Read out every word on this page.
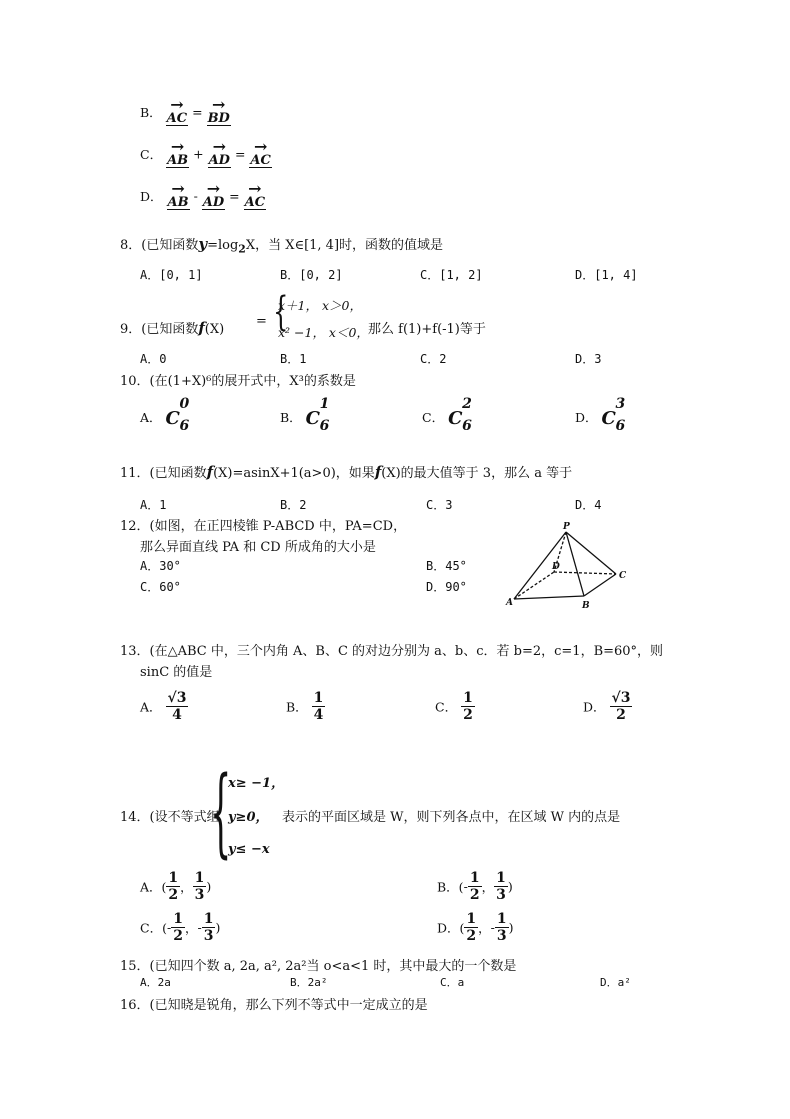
B． →
AC = →
BD
C． →
AB + →
AD = →
AC
D． →
AB - →
AD = →
AC
8．(已知函数$y=\log_2X$，当 X∈[1, 4]时，函数的值域是
A．[0, 1]	B．[0, 2]	C．[1, 2]	D．[1, 4]
9．(已知函数f(X)
= {
x＋1， x＞0，
x² −1， x＜0， 那么 f(1)+f(-1)等于
A．0	B．1	C．2	D．3
10．(在(1+X)⁶的展开式中，X³的系数是
A． C
0
6
B． C
1
6
C． C
2
6
D． C
3
6
11．(已知函数f(X)=asinX+1(a>0)，如果f(X)的最大值等于 3，那么 a 等于
A．1	B．2	C．3	D．4
12．(如图，在正四棱锥 P-ABCD 中，PA=CD，
那么异面直线 PA 和 CD 所成角的大小是
A．30°	B．45°
C．60°	D．90°
P
A	B
C
D
13．(在△ABC 中，三个内角 A、B、C 的对边分别为 a、b、c．若 b=2，c=1，B=60°，则
sinC 的值是
A． $\frac{√3}{4}$	B． $\frac{1}{4}$	C． $\frac{1}{2}$	D． $\frac{√3}{2}$
14．(设不等式组
{
x≥ −1，
y≥0，
y≤ −x
表示的平面区域是 W，则下列各点中，在区域 W 内的点是
A．( $\frac{1}{2}$ ， $\frac{1}{3}$ )	B．(- $\frac{1}{2}$ ， $\frac{1}{3}$ )
C．(- $\frac{1}{2}$ ，- $\frac{1}{3}$ )	D．( $\frac{1}{2}$ ，- $\frac{1}{3}$ )
15．(已知四个数 a, 2a, a², 2a²当 o<a<1 时，其中最大的一个数是
A．2a	B．2a²	C．a	D．a²
16．(已知晓是锐角，那么下列不等式中一定成立的是
